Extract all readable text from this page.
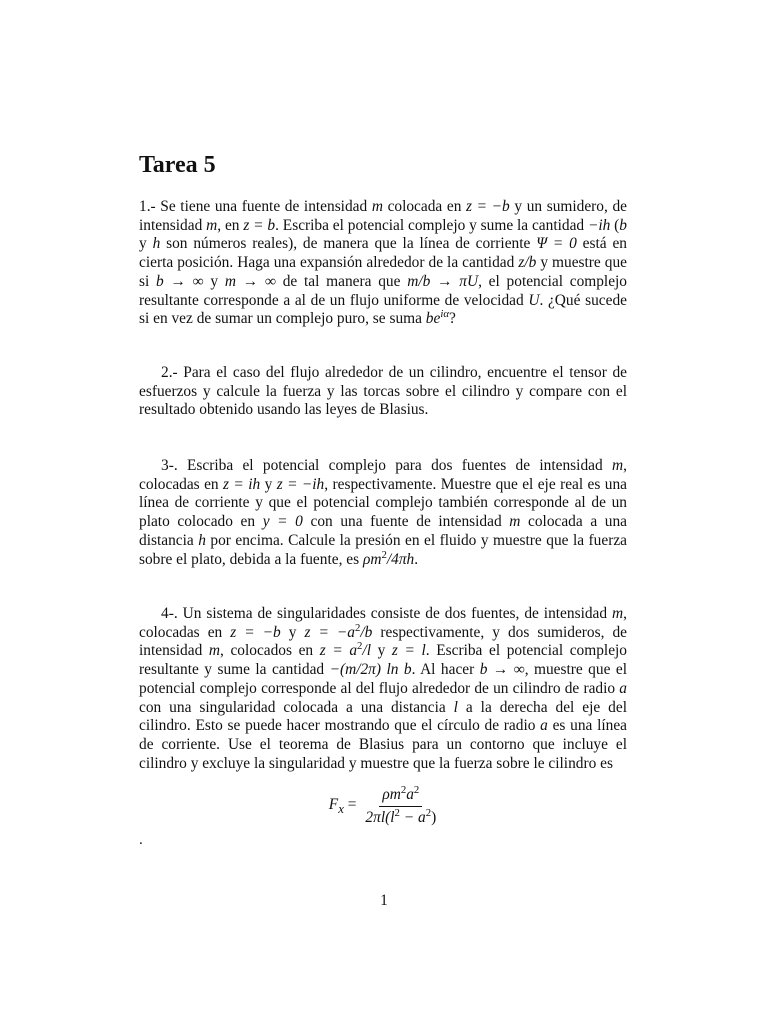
Tarea 5

1.- Se tiene una fuente de intensidad m colocada en z = −b y un sumidero, de intensidad m, en z = b. Escriba el potencial complejo y sume la cantidad −ih (b y h son números reales), de manera que la línea de corriente Ψ = 0 está en cierta posición. Haga una expansión alrededor de la cantidad z/b y muestre que si b → ∞ y m → ∞ de tal manera que m/b → πU, el potencial complejo resultante corresponde a al de un flujo uniforme de velocidad U. ¿Qué sucede si en vez de sumar un complejo puro, se suma $be^{i\alpha}$?

2.- Para el caso del flujo alrededor de un cilindro, encuentre el tensor de esfuerzos y calcule la fuerza y las torcas sobre el cilindro y compare con el resultado obtenido usando las leyes de Blasius.

3-. Escriba el potencial complejo para dos fuentes de intensidad m, colocadas en z = ih y z = −ih, respectivamente. Muestre que el eje real es una línea de corriente y que el potencial complejo también corresponde al de un plato colocado en y = 0 con una fuente de intensidad m colocada a una distancia h por encima. Calcule la presión en el fluido y muestre que la fuerza sobre el plato, debida a la fuente, es $\rho m^2/4\pi h$.

4-. Un sistema de singularidades consiste de dos fuentes, de intensidad m, colocadas en z = −b y $z = -a^2/b$ respectivamente, y dos sumideros, de intensidad m, colocados en $z = a^2/l$ y z = l. Escriba el potencial complejo resultante y sume la cantidad −(m/2π) ln b. Al hacer b → ∞, muestre que el potencial complejo corresponde al del flujo alrededor de un cilindro de radio a con una singularidad colocada a una distancia l a la derecha del eje del cilindro. Esto se puede hacer mostrando que el círculo de radio a es una línea de corriente. Use el teorema de Blasius para un contorno que incluye el cilindro y excluye la singularidad y muestre que la fuerza sobre le cilindro es

$F_x = \frac{\rho m^2a^2}{2\pi l(l^2 - a^2)}$
.
1
